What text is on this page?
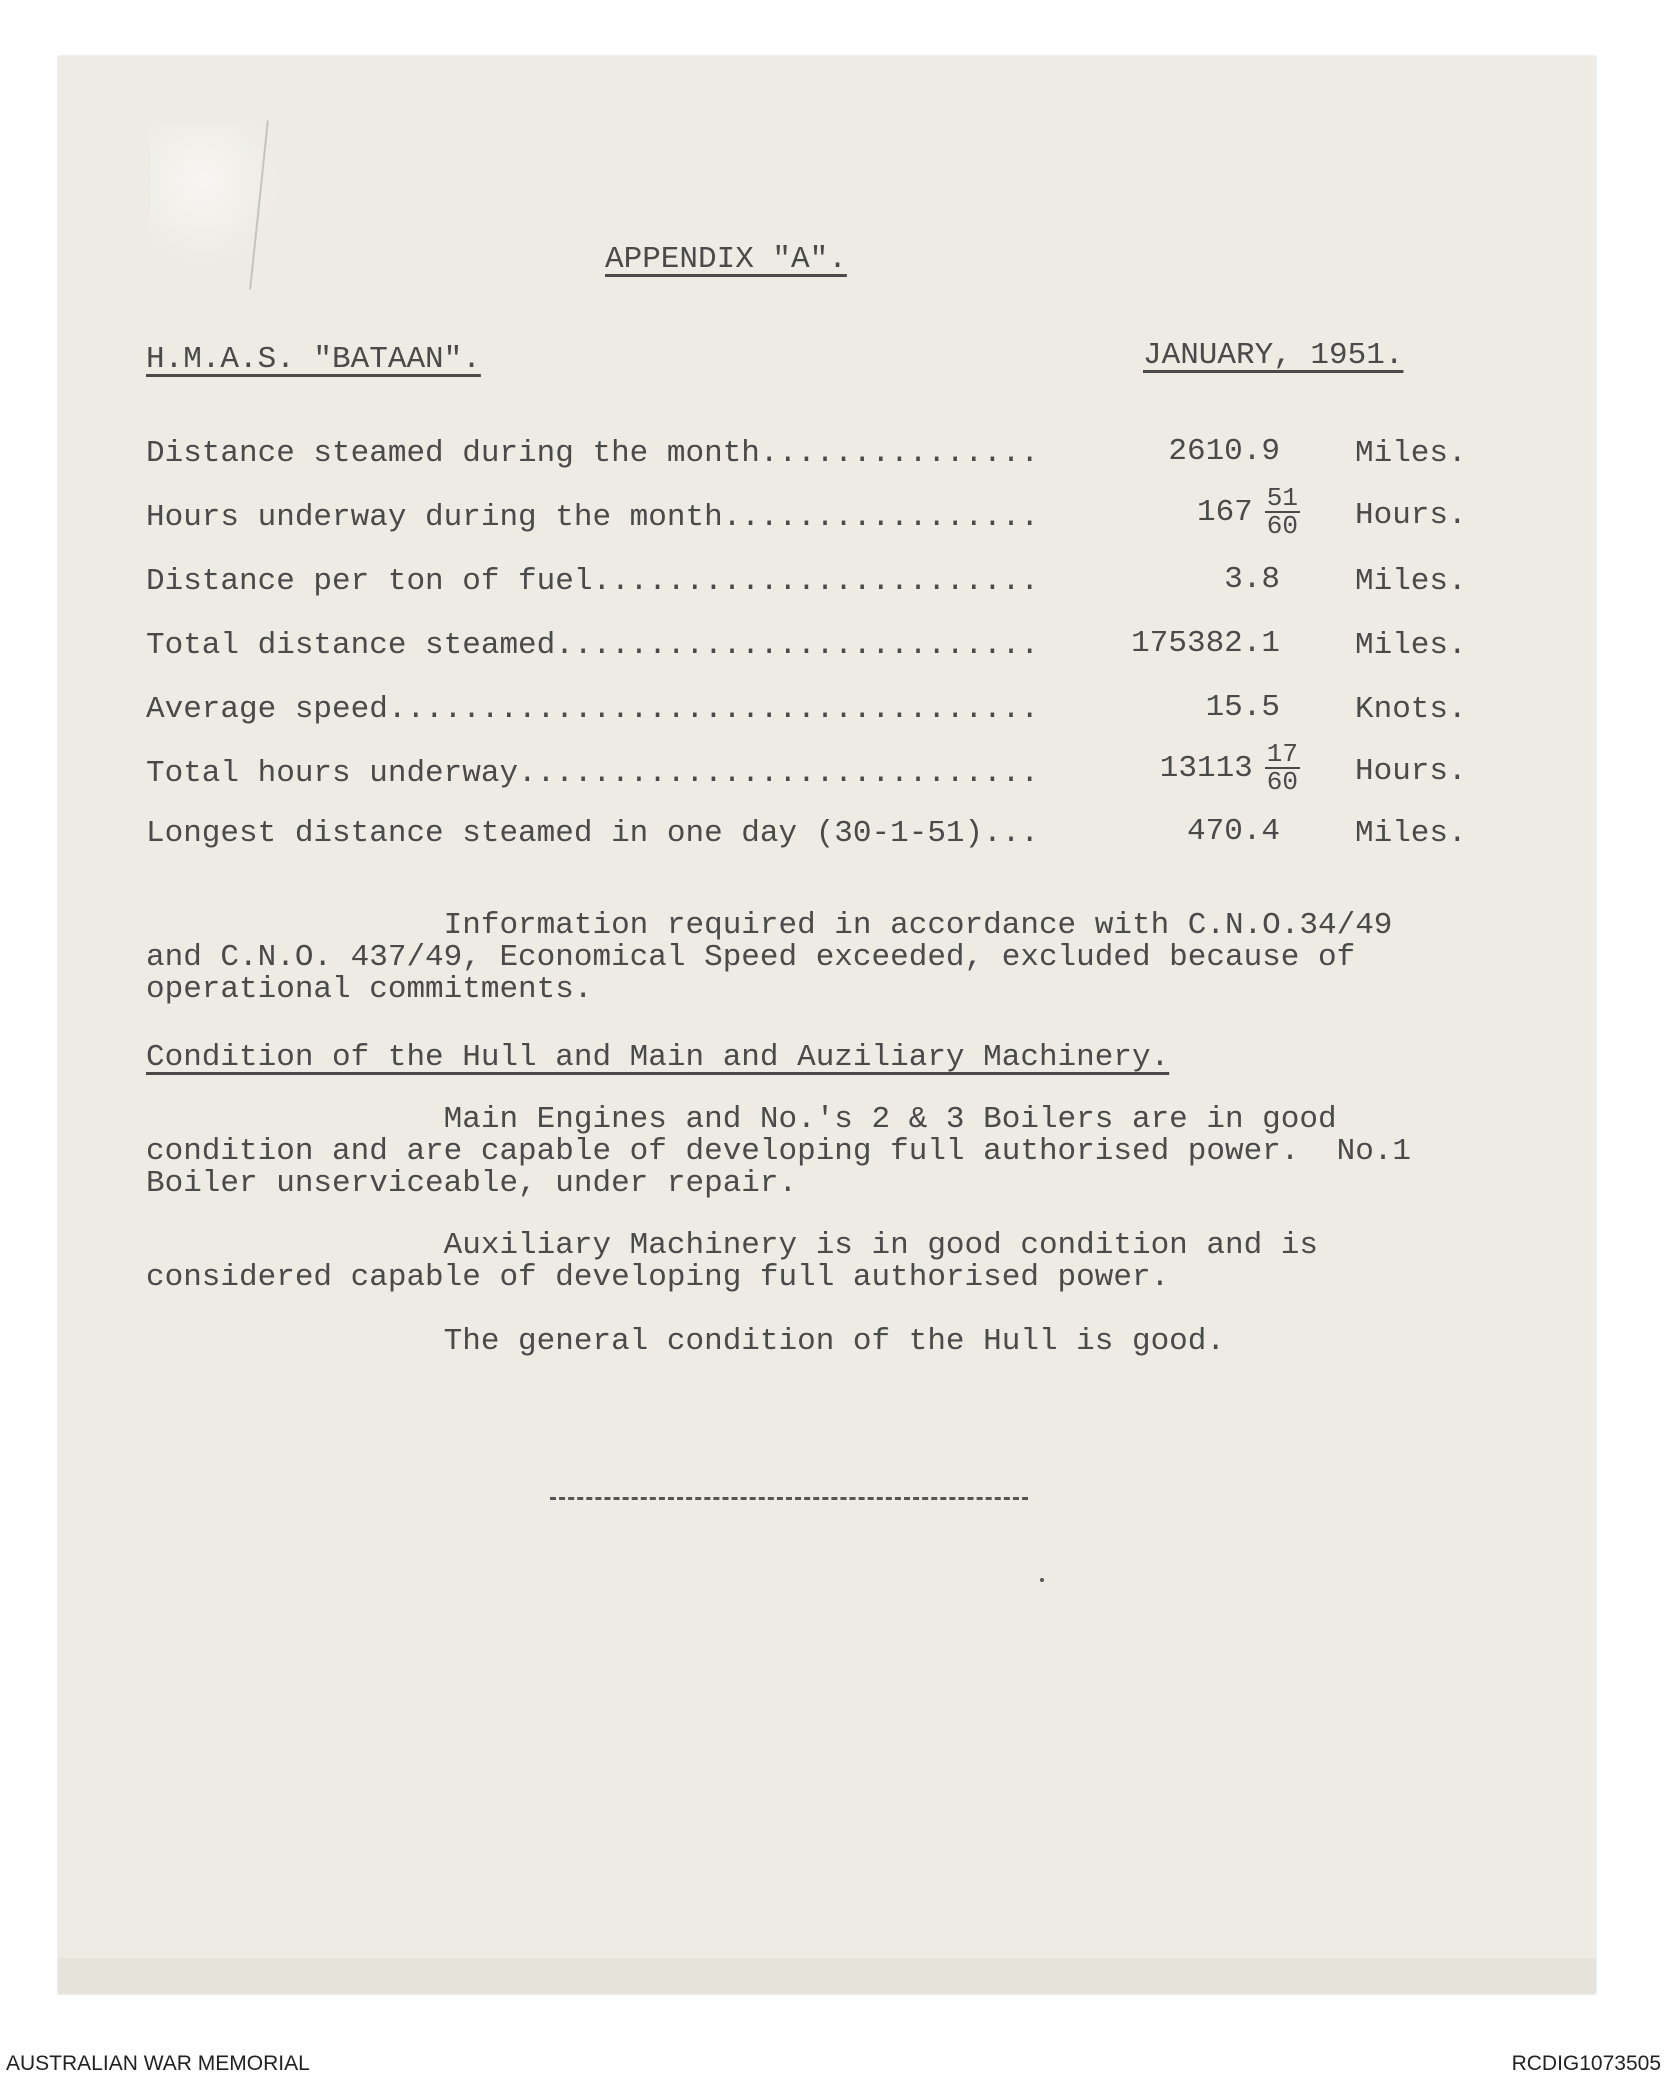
APPENDIX "A".
H.M.A.S. "BATAAN".	JANUARY, 1951.
Distance steamed during the month...............	2610.9 Miles.
Hours underway during the month.................	$167 \frac{51}{60}$ Hours.
Distance per ton of fuel........................	3.8 Miles.
Total distance steamed..........................	175382.1 Miles.
Average speed...................................	15.5 Knots.
Total hours underway............................	$13113 \frac{17}{60}$ Hours.
Longest distance steamed in one day (30-1-51)...	470.4 Miles.
Information required in accordance with C.N.O.34/49
and C.N.O. 437/49, Economical Speed exceeded, excluded because of
operational commitments.
Condition of the Hull and Main and Auziliary Machinery.
Main Engines and No.'s 2 & 3 Boilers are in good
condition and are capable of developing full authorised power.  No.1
Boiler unserviceable, under repair.
Auxiliary Machinery is in good condition and is
considered capable of developing full authorised power.
The general condition of the Hull is good.
AUSTRALIAN WAR MEMORIAL	RCDIG1073505
